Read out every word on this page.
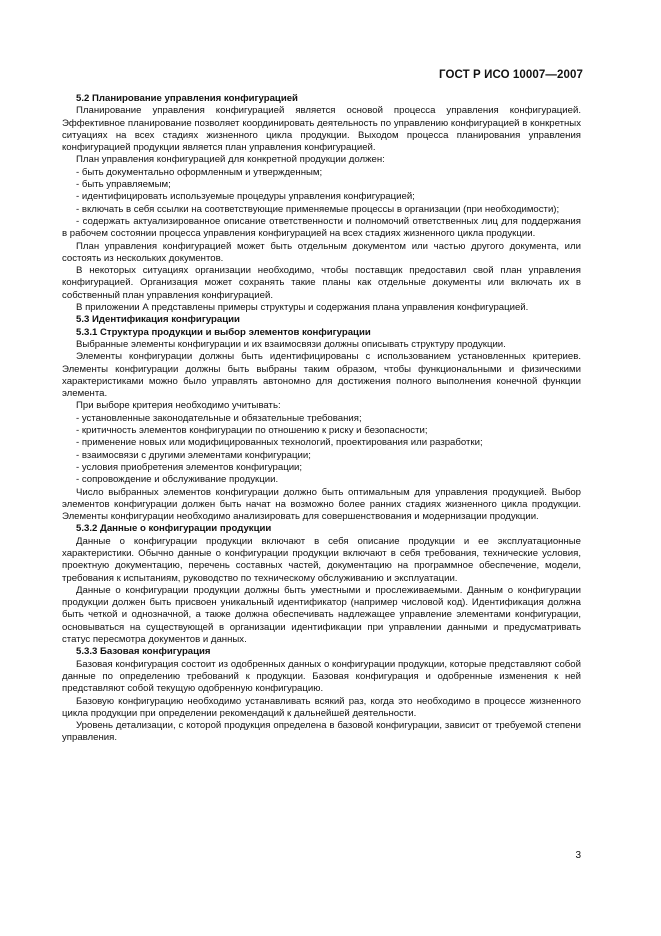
ГОСТ Р ИСО 10007—2007

5.2 Планирование управления конфигурацией

Планирование управления конфигурацией является основой процесса управления конфигурацией. Эффективное планирование позволяет координировать деятельность по управлению конфигурацией в конкретных ситуациях на всех стадиях жизненного цикла продукции. Выходом процесса планирования управления конфигурацией продукции является план управления конфигурацией.

План управления конфигурацией для конкретной продукции должен:

- быть документально оформленным и утвержденным;

- быть управляемым;

- идентифицировать используемые процедуры управления конфигурацией;

- включать в себя ссылки на соответствующие применяемые процессы в организации (при необходимости);

- содержать актуализированное описание ответственности и полномочий ответственных лиц для поддержания в рабочем состоянии процесса управления конфигурацией на всех стадиях жизненного цикла продукции.

План управления конфигурацией может быть отдельным документом или частью другого документа, или состоять из нескольких документов.

В некоторых ситуациях организации необходимо, чтобы поставщик предоставил свой план управления конфигурацией. Организация может сохранять такие планы как отдельные документы или включать их в собственный план управления конфигурацией.

В приложении А представлены примеры структуры и содержания плана управления конфигурацией.

5.3 Идентификация конфигурации

5.3.1 Структура продукции и выбор элементов конфигурации

Выбранные элементы конфигурации и их взаимосвязи должны описывать структуру продукции.

Элементы конфигурации должны быть идентифицированы с использованием установленных критериев. Элементы конфигурации должны быть выбраны таким образом, чтобы функциональными и физическими характеристиками можно было управлять автономно для достижения полного выполнения конечной функции элемента.

При выборе критерия необходимо учитывать:

- установленные законодательные и обязательные требования;

- критичность элементов конфигурации по отношению к риску и безопасности;

- применение новых или модифицированных технологий, проектирования или разработки;

- взаимосвязи с другими элементами конфигурации;

- условия приобретения элементов конфигурации;

- сопровождение и обслуживание продукции.

Число выбранных элементов конфигурации должно быть оптимальным для управления продукцией. Выбор элементов конфигурации должен быть начат на возможно более ранних стадиях жизненного цикла продукции. Элементы конфигурации необходимо анализировать для совершенствования и модернизации продукции.

5.3.2 Данные о конфигурации продукции

Данные о конфигурации продукции включают в себя описание продукции и ее эксплуатационные характеристики. Обычно данные о конфигурации продукции включают в себя требования, технические условия, проектную документацию, перечень составных частей, документацию на программное обеспечение, модели, требования к испытаниям, руководство по техническому обслуживанию и эксплуатации.

Данные о конфигурации продукции должны быть уместными и прослеживаемыми. Данным о конфигурации продукции должен быть присвоен уникальный идентификатор (например числовой код). Идентификация должна быть четкой и однозначной, а также должна обеспечивать надлежащее управление элементами конфигурации, основываться на существующей в организации идентификации при управлении данными и предусматривать статус пересмотра документов и данных.

5.3.3 Базовая конфигурация

Базовая конфигурация состоит из одобренных данных о конфигурации продукции, которые представляют собой данные по определению требований к продукции. Базовая конфигурация и одобренные изменения к ней представляют собой текущую одобренную конфигурацию.

Базовую конфигурацию необходимо устанавливать всякий раз, когда это необходимо в процессе жизненного цикла продукции при определении рекомендаций к дальнейшей деятельности.

Уровень детализации, с которой продукция определена в базовой конфигурации, зависит от требуемой степени управления.

3
